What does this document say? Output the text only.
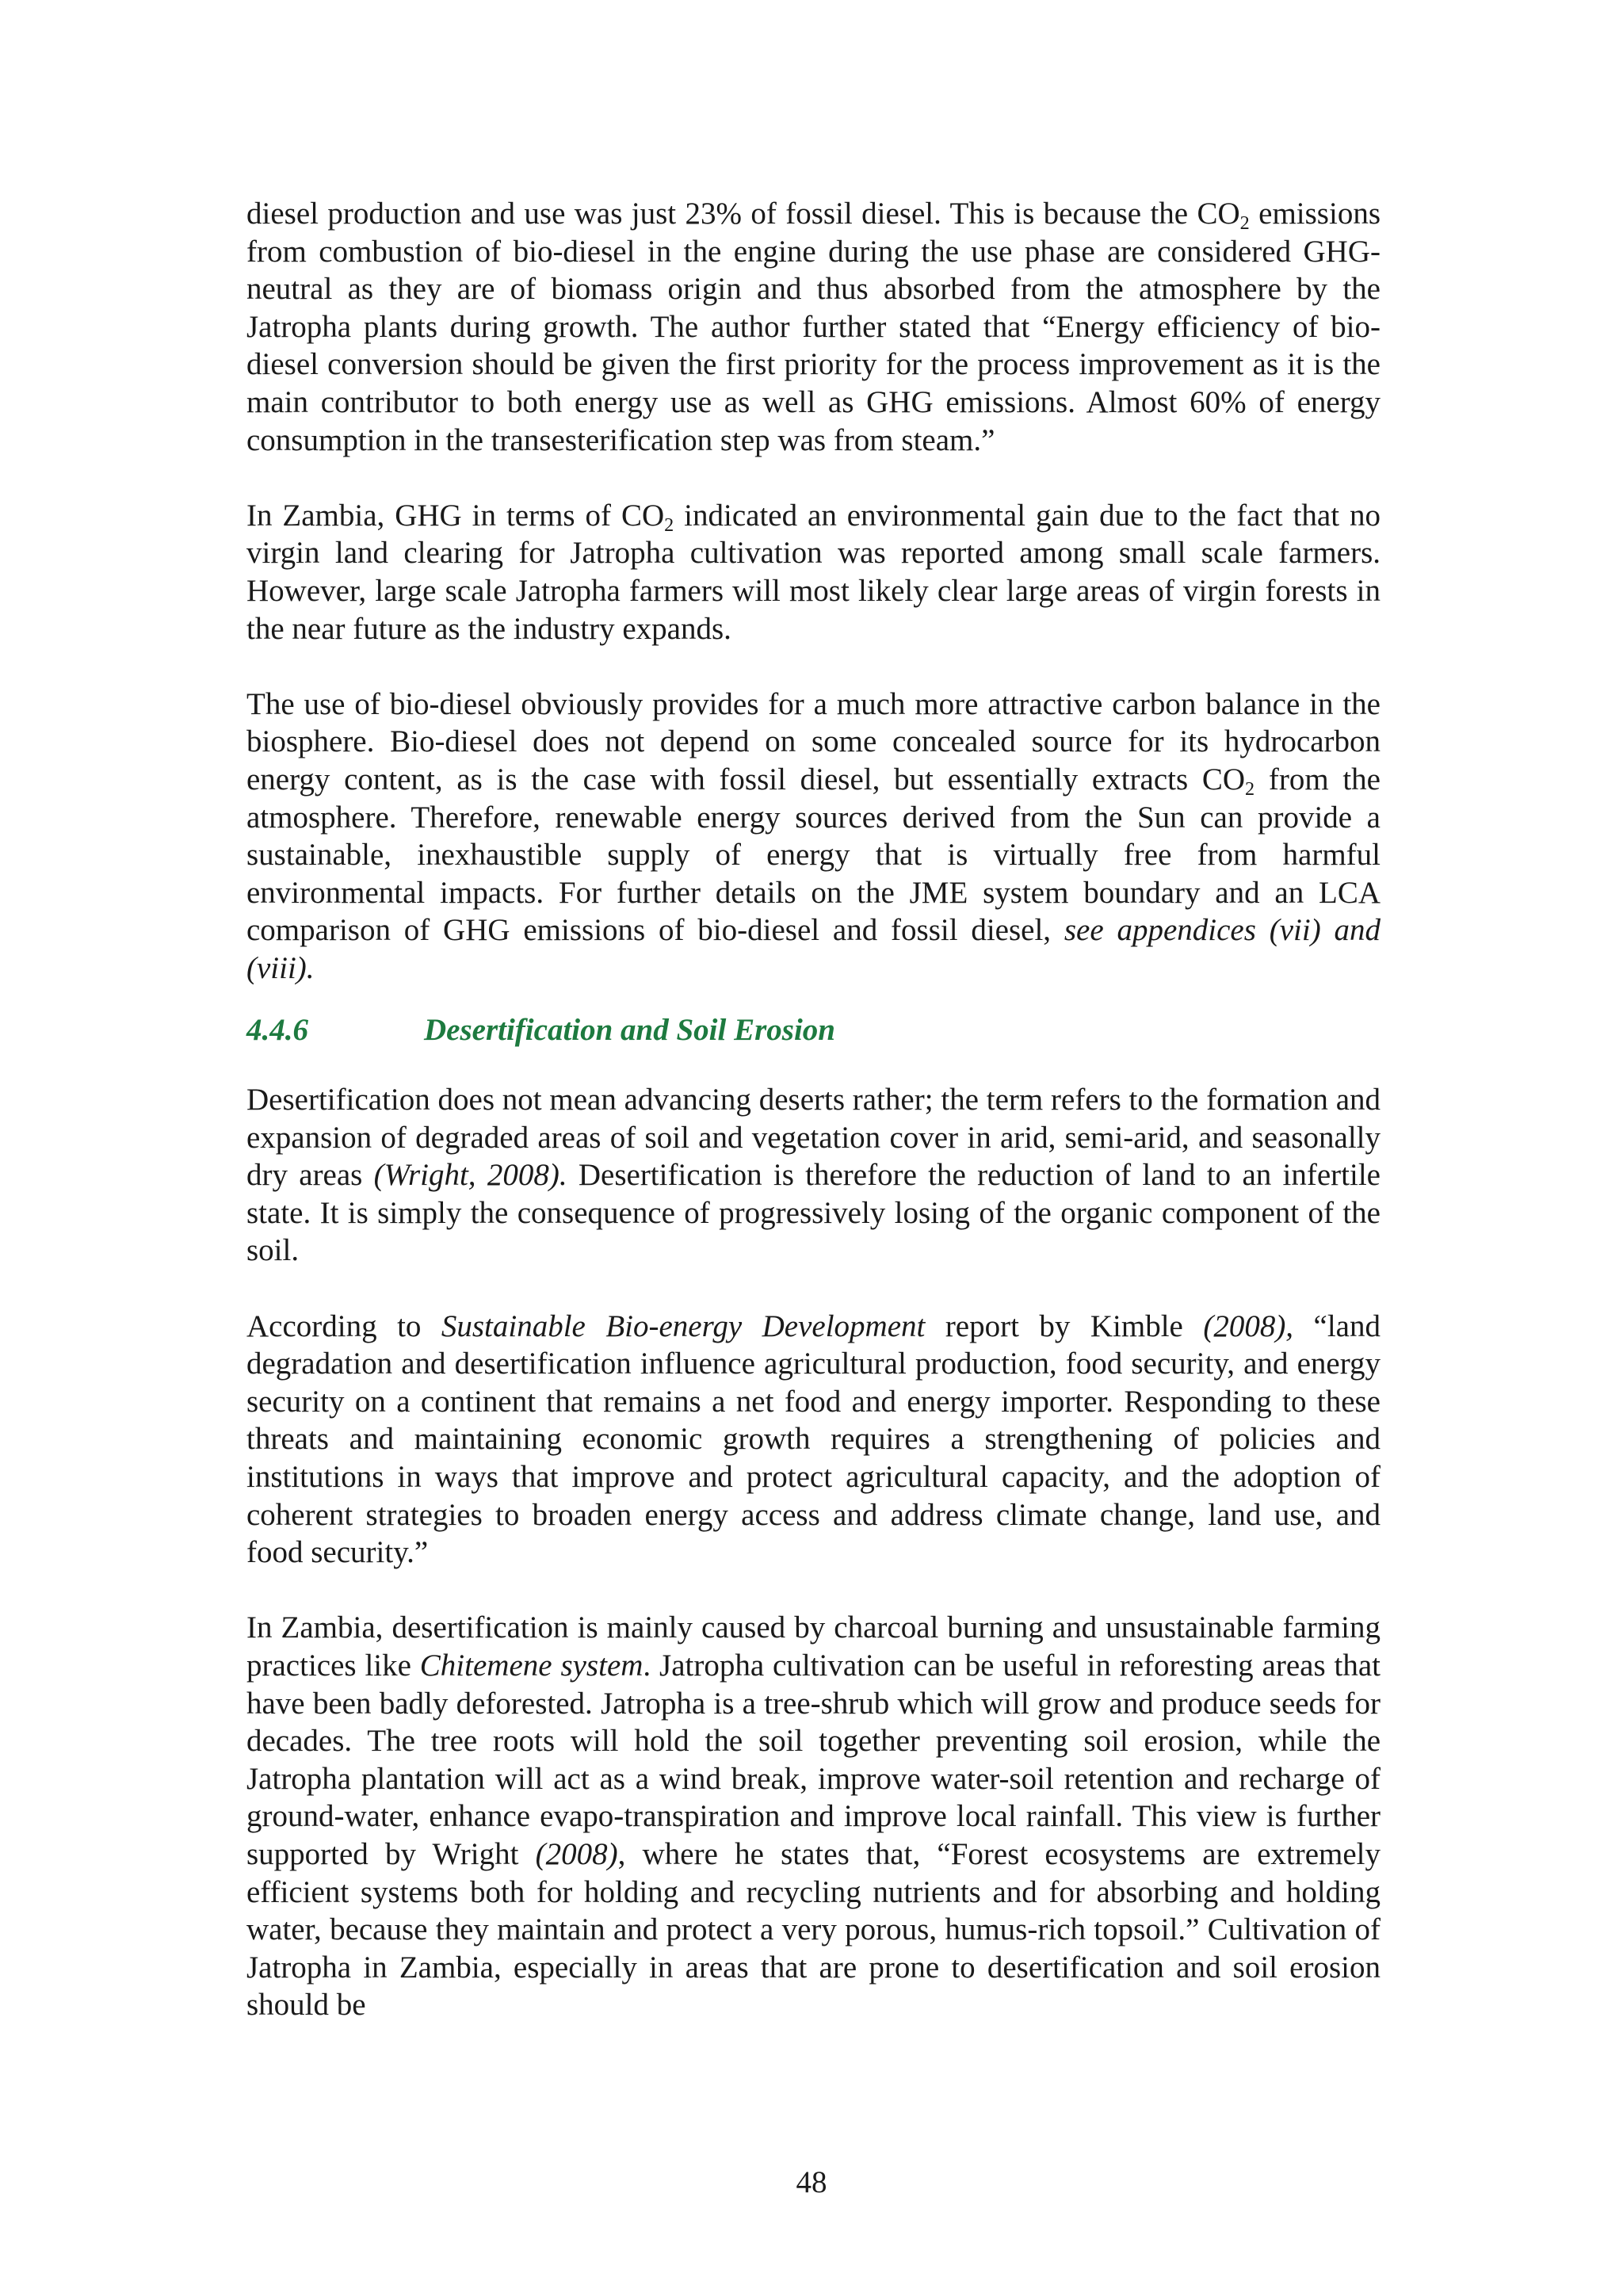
diesel production and use was just 23% of fossil diesel. This is because the $CO_2$ emissions from combustion of bio-diesel in the engine during the use phase are considered GHG-neutral as they are of biomass origin and thus absorbed from the atmosphere by the Jatropha plants during growth. The author further stated that “Energy efficiency of bio-diesel conversion should be given the first priority for the process improvement as it is the main contributor to both energy use as well as GHG emissions. Almost 60% of energy consumption in the transesterification step was from steam.”

In Zambia, GHG in terms of $CO_2$ indicated an environmental gain due to the fact that no virgin land clearing for Jatropha cultivation was reported among small scale farmers. However, large scale Jatropha farmers will most likely clear large areas of virgin forests in the near future as the industry expands.

The use of bio-diesel obviously provides for a much more attractive carbon balance in the biosphere. Bio-diesel does not depend on some concealed source for its hydrocarbon energy content, as is the case with fossil diesel, but essentially extracts $CO_2$ from the atmosphere. Therefore, renewable energy sources derived from the Sun can provide a sustainable, inexhaustible supply of energy that is virtually free from harmful environmental impacts. For further details on the JME system boundary and an LCA comparison of GHG emissions of bio-diesel and fossil diesel, see appendices (vii) and (viii).

4.4.6	Desertification and Soil Erosion

Desertification does not mean advancing deserts rather; the term refers to the formation and expansion of degraded areas of soil and vegetation cover in arid, semi-arid, and seasonally dry areas (Wright, 2008). Desertification is therefore the reduction of land to an infertile state. It is simply the consequence of progressively losing of the organic component of the soil.

According to Sustainable Bio-energy Development report by Kimble (2008), “land degradation and desertification influence agricultural production, food security, and energy security on a continent that remains a net food and energy importer. Responding to these threats and maintaining economic growth requires a strengthening of policies and institutions in ways that improve and protect agricultural capacity, and the adoption of coherent strategies to broaden energy access and address climate change, land use, and food security.”

In Zambia, desertification is mainly caused by charcoal burning and unsustainable farming practices like Chitemene system. Jatropha cultivation can be useful in reforesting areas that have been badly deforested. Jatropha is a tree-shrub which will grow and produce seeds for decades. The tree roots will hold the soil together preventing soil erosion, while the Jatropha plantation will act as a wind break, improve water-soil retention and recharge of ground-water, enhance evapo-transpiration and improve local rainfall. This view is further supported by Wright (2008), where he states that, “Forest ecosystems are extremely efficient systems both for holding and recycling nutrients and for absorbing and holding water, because they maintain and protect a very porous, humus-rich topsoil.” Cultivation of Jatropha in Zambia, especially in areas that are prone to desertification and soil erosion should be

48
